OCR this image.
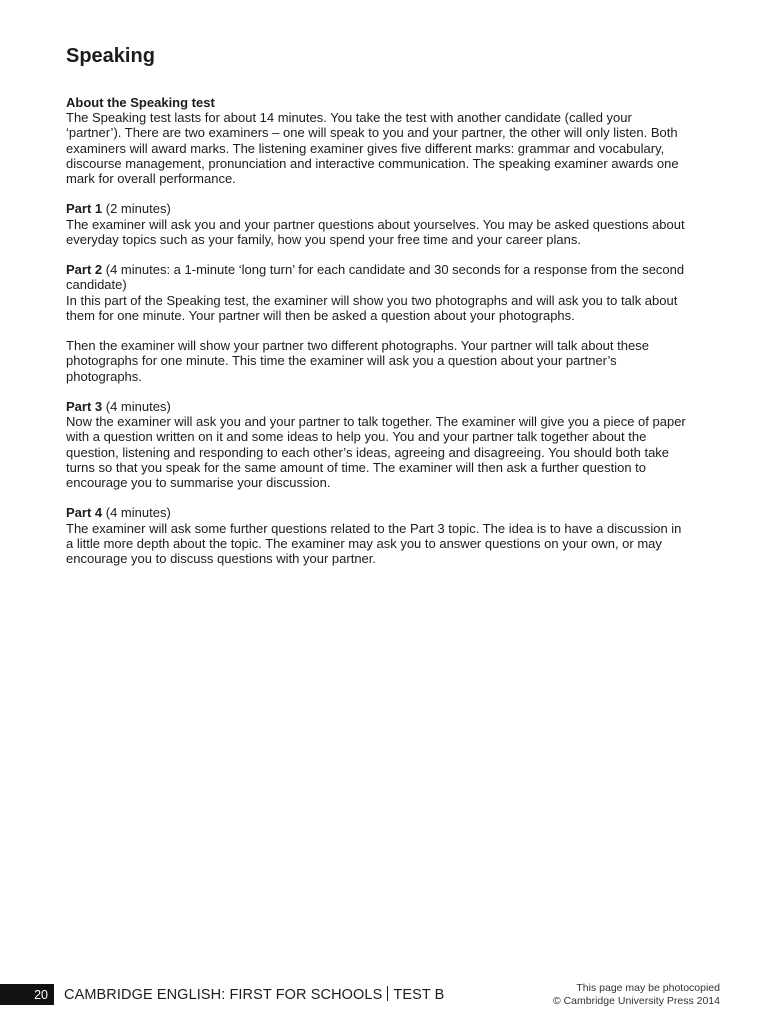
Speaking

About the Speaking test

The Speaking test lasts for about 14 minutes. You take the test with another candidate (called your ‘partner’). There are two examiners – one will speak to you and your partner, the other will only listen. Both examiners will award marks. The listening examiner gives five different marks: grammar and vocabulary, discourse management, pronunciation and interactive communication. The speaking examiner awards one mark for overall performance.

Part 1 (2 minutes)

The examiner will ask you and your partner questions about yourselves. You may be asked questions about everyday topics such as your family, how you spend your free time and your career plans.

Part 2 (4 minutes: a 1-minute ‘long turn’ for each candidate and 30 seconds for a response from the second candidate)

In this part of the Speaking test, the examiner will show you two photographs and will ask you to talk about them for one minute. Your partner will then be asked a question about your photographs.

Then the examiner will show your partner two different photographs. Your partner will talk about these photographs for one minute. This time the examiner will ask you a question about your partner’s photographs.

Part 3 (4 minutes)

Now the examiner will ask you and your partner to talk together. The examiner will give you a piece of paper with a question written on it and some ideas to help you. You and your partner talk together about the question, listening and responding to each other’s ideas, agreeing and disagreeing. You should both take turns so that you speak for the same amount of time. The examiner will then ask a further question to encourage you to summarise your discussion.

Part 4 (4 minutes)

The examiner will ask some further questions related to the Part 3 topic. The idea is to have a discussion in a little more depth about the topic. The examiner may ask you to answer questions on your own, or may encourage you to discuss questions with your partner.

20	CAMBRIDGE ENGLISH: FIRST FOR SCHOOLS TEST B	This page may be photocopied
© Cambridge University Press 2014
